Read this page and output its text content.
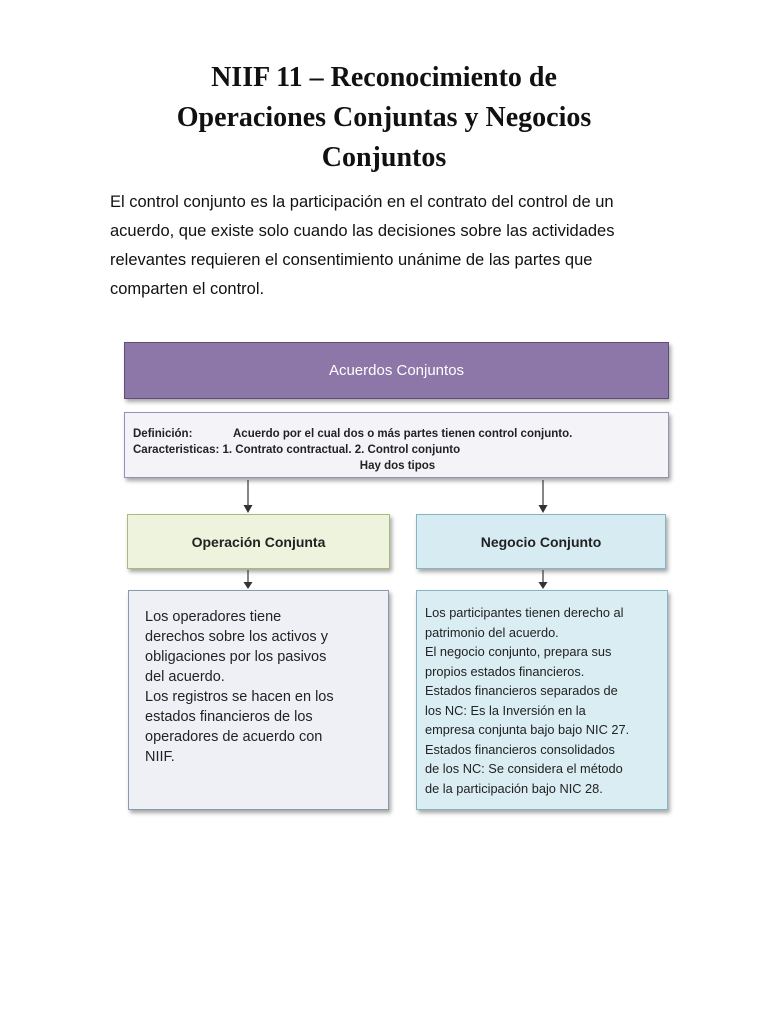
NIIF 11 – Reconocimiento de
Operaciones Conjuntas y Negocios
Conjuntos
El control conjunto es la participación en el contrato del control de un acuerdo, que existe solo cuando las decisiones sobre las actividades relevantes requieren el consentimiento unánime de las partes que comparten el control.
Acuerdos Conjuntos
Definición:	Acuerdo por el cual dos o más partes tienen control conjunto.
Caracteristicas: 1. Contrato contractual. 2. Control conjunto
Hay dos tipos
Operación Conjunta	Negocio Conjunto
Los operadores tiene
derechos sobre los activos y
obligaciones por los pasivos
del acuerdo.
Los registros se hacen en los
estados financieros de los
operadores de acuerdo con
NIIF.
Los participantes tienen derecho al
patrimonio del acuerdo.
El negocio conjunto, prepara sus
propios estados financieros.
Estados financieros separados de
los NC: Es la Inversión en la
empresa conjunta bajo bajo NIC 27.
Estados financieros consolidados
de los NC: Se considera el método
de la participación bajo NIC 28.
